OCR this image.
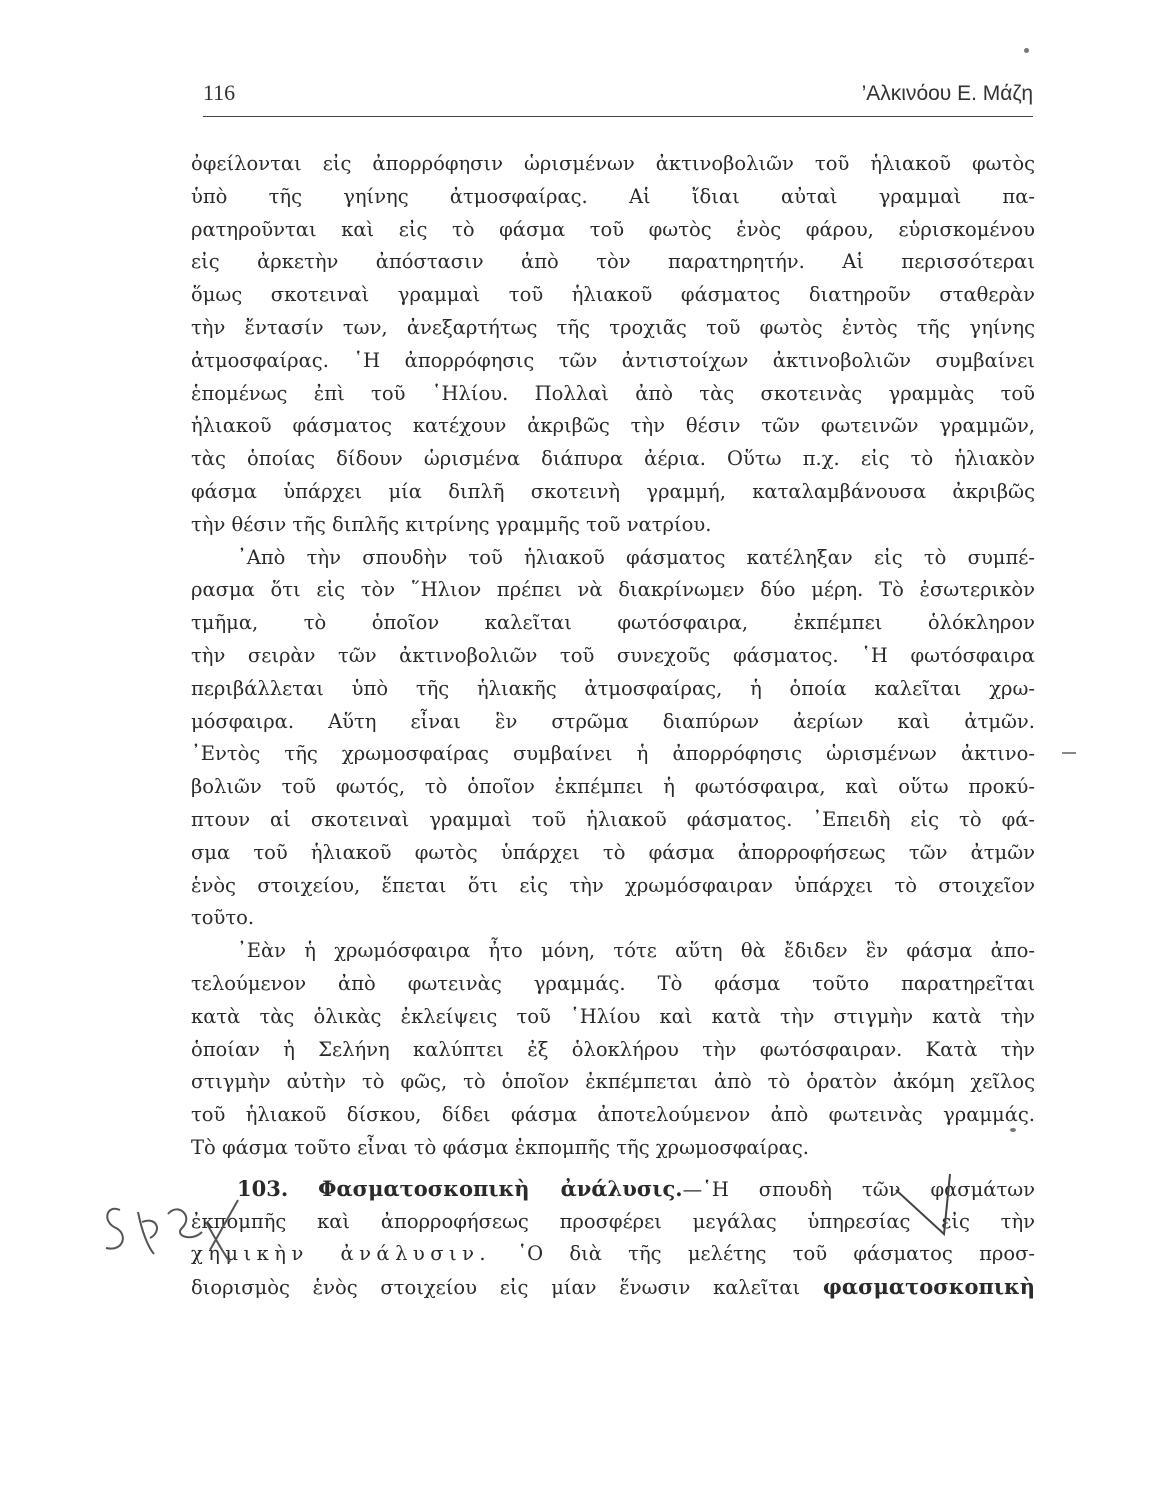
116	’Αλκινόου Ε. Μάζη
ὀφείλονται εἰς ἀπορρόφησιν ὡρισμένων ἀκτινοβολιῶν τοῦ ἡλιακοῦ φωτὸς
ὑπὸ τῆς γηίνης ἀτμοσφαίρας. Αἱ ἴδιαι αὐταὶ γραμμαὶ πα-
ρατηροῦνται καὶ εἰς τὸ φάσμα τοῦ φωτὸς ἑνὸς φάρου, εὑρισκομένου
εἰς ἀρκετὴν ἀπόστασιν ἀπὸ τὸν παρατηρητήν. Αἱ περισσότεραι
ὅμως σκοτειναὶ γραμμαὶ τοῦ ἡλιακοῦ φάσματος διατηροῦν σταθερὰν
τὴν ἔντασίν των, ἀνεξαρτήτως τῆς τροχιᾶς τοῦ φωτὸς ἐντὸς τῆς γηίνης
ἀτμοσφαίρας. ῾Η ἀπορρόφησις τῶν ἀντιστοίχων ἀκτινοβολιῶν συμβαίνει
ἑπομένως ἐπὶ τοῦ ῾Ηλίου. Πολλαὶ ἀπὸ τὰς σκοτεινὰς γραμμὰς τοῦ
ἡλιακοῦ φάσματος κατέχουν ἀκριβῶς τὴν θέσιν τῶν φωτεινῶν γραμμῶν,
τὰς ὁποίας δίδουν ὡρισμένα διάπυρα ἀέρια. Οὕτω π.χ. εἰς τὸ ἡλιακὸν
φάσμα ὑπάρχει μία διπλῆ σκοτεινὴ γραμμή, καταλαμβάνουσα ἀκριβῶς
τὴν θέσιν τῆς διπλῆς κιτρίνης γραμμῆς τοῦ νατρίου.
᾿Απὸ τὴν σπουδὴν τοῦ ἡλιακοῦ φάσματος κατέληξαν εἰς τὸ συμπέ-
ρασμα ὅτι εἰς τὸν ῞Ηλιον πρέπει νὰ διακρίνωμεν δύο μέρη. Τὸ ἐσωτερικὸν
τμῆμα, τὸ ὁποῖον καλεῖται φωτόσφαιρα, ἐκπέμπει ὁλόκληρον
τὴν σειρὰν τῶν ἀκτινοβολιῶν τοῦ συνεχοῦς φάσματος. ῾Η φωτόσφαιρα
περιβάλλεται ὑπὸ τῆς ἡλιακῆς ἀτμοσφαίρας, ἡ ὁποία καλεῖται χρω-
μόσφαιρα. Αὕτη εἶναι ἓν στρῶμα διαπύρων ἀερίων καὶ ἀτμῶν.
᾿Εντὸς τῆς χρωμοσφαίρας συμβαίνει ἡ ἀπορρόφησις ὡρισμένων ἀκτινο-
βολιῶν τοῦ φωτός, τὸ ὁποῖον ἐκπέμπει ἡ φωτόσφαιρα, καὶ οὕτω προκύ-
πτουν αἱ σκοτειναὶ γραμμαὶ τοῦ ἡλιακοῦ φάσματος. ᾿Επειδὴ εἰς τὸ φά-
σμα τοῦ ἡλιακοῦ φωτὸς ὑπάρχει τὸ φάσμα ἀπορροφήσεως τῶν ἀτμῶν
ἑνὸς στοιχείου, ἕπεται ὅτι εἰς τὴν χρωμόσφαιραν ὑπάρχει τὸ στοιχεῖον
τοῦτο.
᾿Εὰν ἡ χρωμόσφαιρα ἦτο μόνη, τότε αὕτη θὰ ἔδιδεν ἓν φάσμα ἀπο-
τελούμενον ἀπὸ φωτεινὰς γραμμάς. Τὸ φάσμα τοῦτο παρατηρεῖται
κατὰ τὰς ὁλικὰς ἐκλείψεις τοῦ ῾Ηλίου καὶ κατὰ τὴν στιγμὴν κατὰ τὴν
ὁποίαν ἡ Σελήνη καλύπτει ἐξ ὁλοκλήρου τὴν φωτόσφαιραν. Κατὰ τὴν
στιγμὴν αὐτὴν τὸ φῶς, τὸ ὁποῖον ἐκπέμπεται ἀπὸ τὸ ὁρατὸν ἀκόμη χεῖλος
τοῦ ἡλιακοῦ δίσκου, δίδει φάσμα ἀποτελούμενον ἀπὸ φωτεινὰς γραμμάς.
Τὸ φάσμα τοῦτο εἶναι τὸ φάσμα ἐκπομπῆς τῆς χρωμοσφαίρας.
103. Φασματοσκοπικὴ ἀνάλυσις.—῾Η σπουδὴ τῶν φασμάτων
ἐκπομπῆς καὶ ἀπορροφήσεως προσφέρει μεγάλας ὑπηρεσίας εἰς τὴν
χημικὴν ἀνάλυσιν. ῾Ο διὰ τῆς μελέτης τοῦ φάσματος προσ-
διορισμὸς ἑνὸς στοιχείου εἰς μίαν ἕνωσιν καλεῖται φασματοσκοπικὴ
